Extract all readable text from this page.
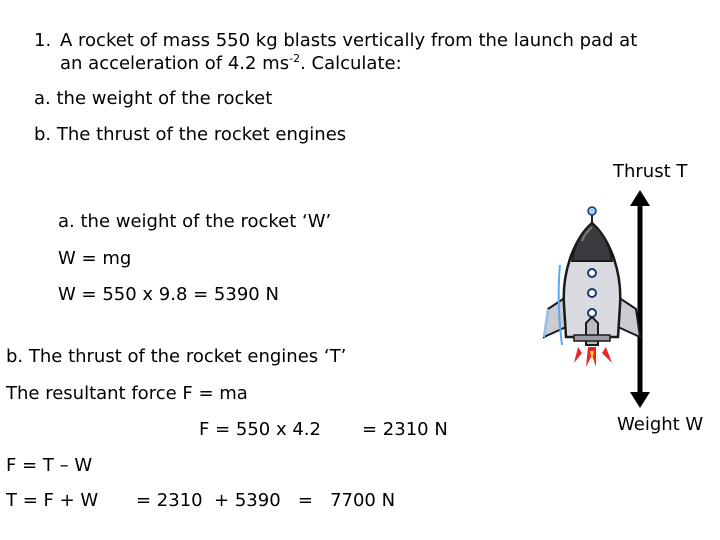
1. A rocket of mass 550 kg blasts vertically from the launch pad at
an acceleration of 4.2 $ms^{-2}$. Calculate:
a. the weight of the rocket
b. The thrust of the rocket engines
Thrust T
Weight W
a. the weight of the rocket ‘W’
W = mg
W = 550 x 9.8 = 5390 N
b. The thrust of the rocket engines ‘T’
The resultant force F = ma
F = 550 x 4.2 = 2310 N
F = T – W
T = F + W = 2310  + 5390   =   7700 N
